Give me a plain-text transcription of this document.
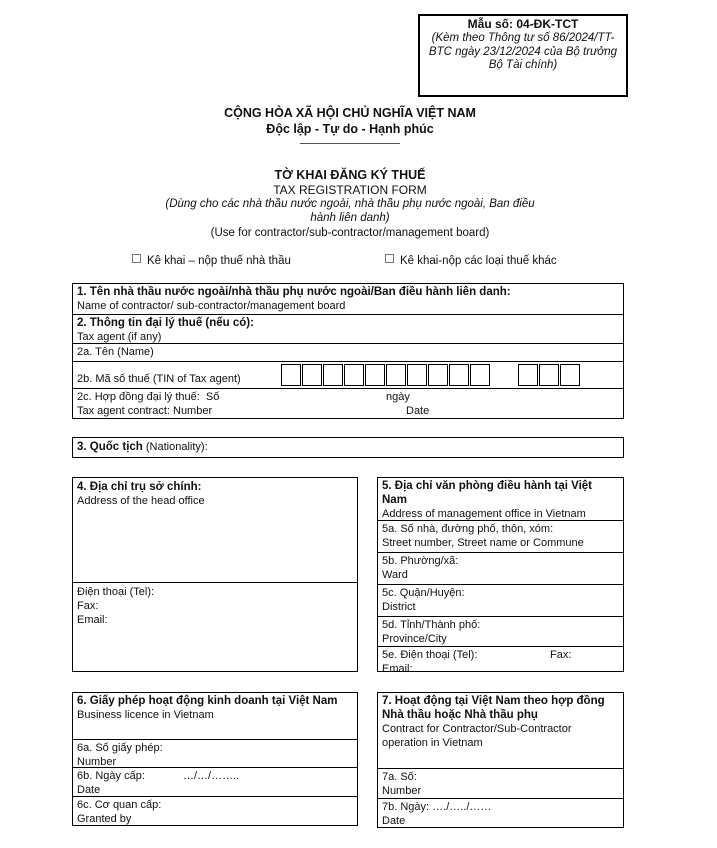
Mẫu số: 04-ĐK-TCT
(Kèm theo Thông tư số 86/2024/TT-BTC ngày 23/12/2024 của Bộ trưởng Bộ Tài chính)
CỘNG HÒA XÃ HỘI CHỦ NGHĨA VIỆT NAM
Độc lập - Tự do - Hạnh phúc
TỜ KHAI ĐĂNG KÝ THUẾ
TAX REGISTRATION FORM
(Dùng cho các nhà thầu nước ngoài, nhà thầu phụ nước ngoài, Ban điều hành liên danh)
(Use for contractor/sub-contractor/management board)
Kê khai – nộp thuế nhà thầu	Kê khai-nộp các loại thuế khác
1. Tên nhà thầu nước ngoài/nhà thầu phụ nước ngoài/Ban điều hành liên danh:
Name of contractor/ sub-contractor/management board
2. Thông tin đại lý thuế (nếu có):
Tax agent (if any)
2a. Tên (Name)
2b. Mã số thuế (TIN of Tax agent)
2c. Hợp đồng đại lý thuế:  Số	ngày
Tax agent contract: Number	Date
3. Quốc tịch (Nationality):
4. Địa chỉ trụ sở chính:
Address of the head office
Điện thoại (Tel):
Fax:
Email:
5. Địa chỉ văn phòng điều hành tại Việt Nam
Address of management office in Vietnam
5a. Số nhà, đường phố, thôn, xóm:
Street number, Street name or Commune
5b. Phường/xã:
Ward
5c. Quận/Huyện:
District
5d. Tỉnh/Thành phố:
Province/City
5e. Điện thoại (Tel):	Fax:
Email:
6. Giấy phép hoạt động kinh doanh tại Việt Nam
Business licence in Vietnam
6a. Số giấy phép:
Number
6b. Ngày cấp:	…/…/……..
Date
6c. Cơ quan cấp:
Granted by
7. Hoạt động tại Việt Nam theo hợp đồng Nhà thầu hoặc Nhà thầu phụ
Contract for Contractor/Sub-Contractor operation in Vietnam
7a. Số:
Number
7b. Ngày: …./…../……
Date
